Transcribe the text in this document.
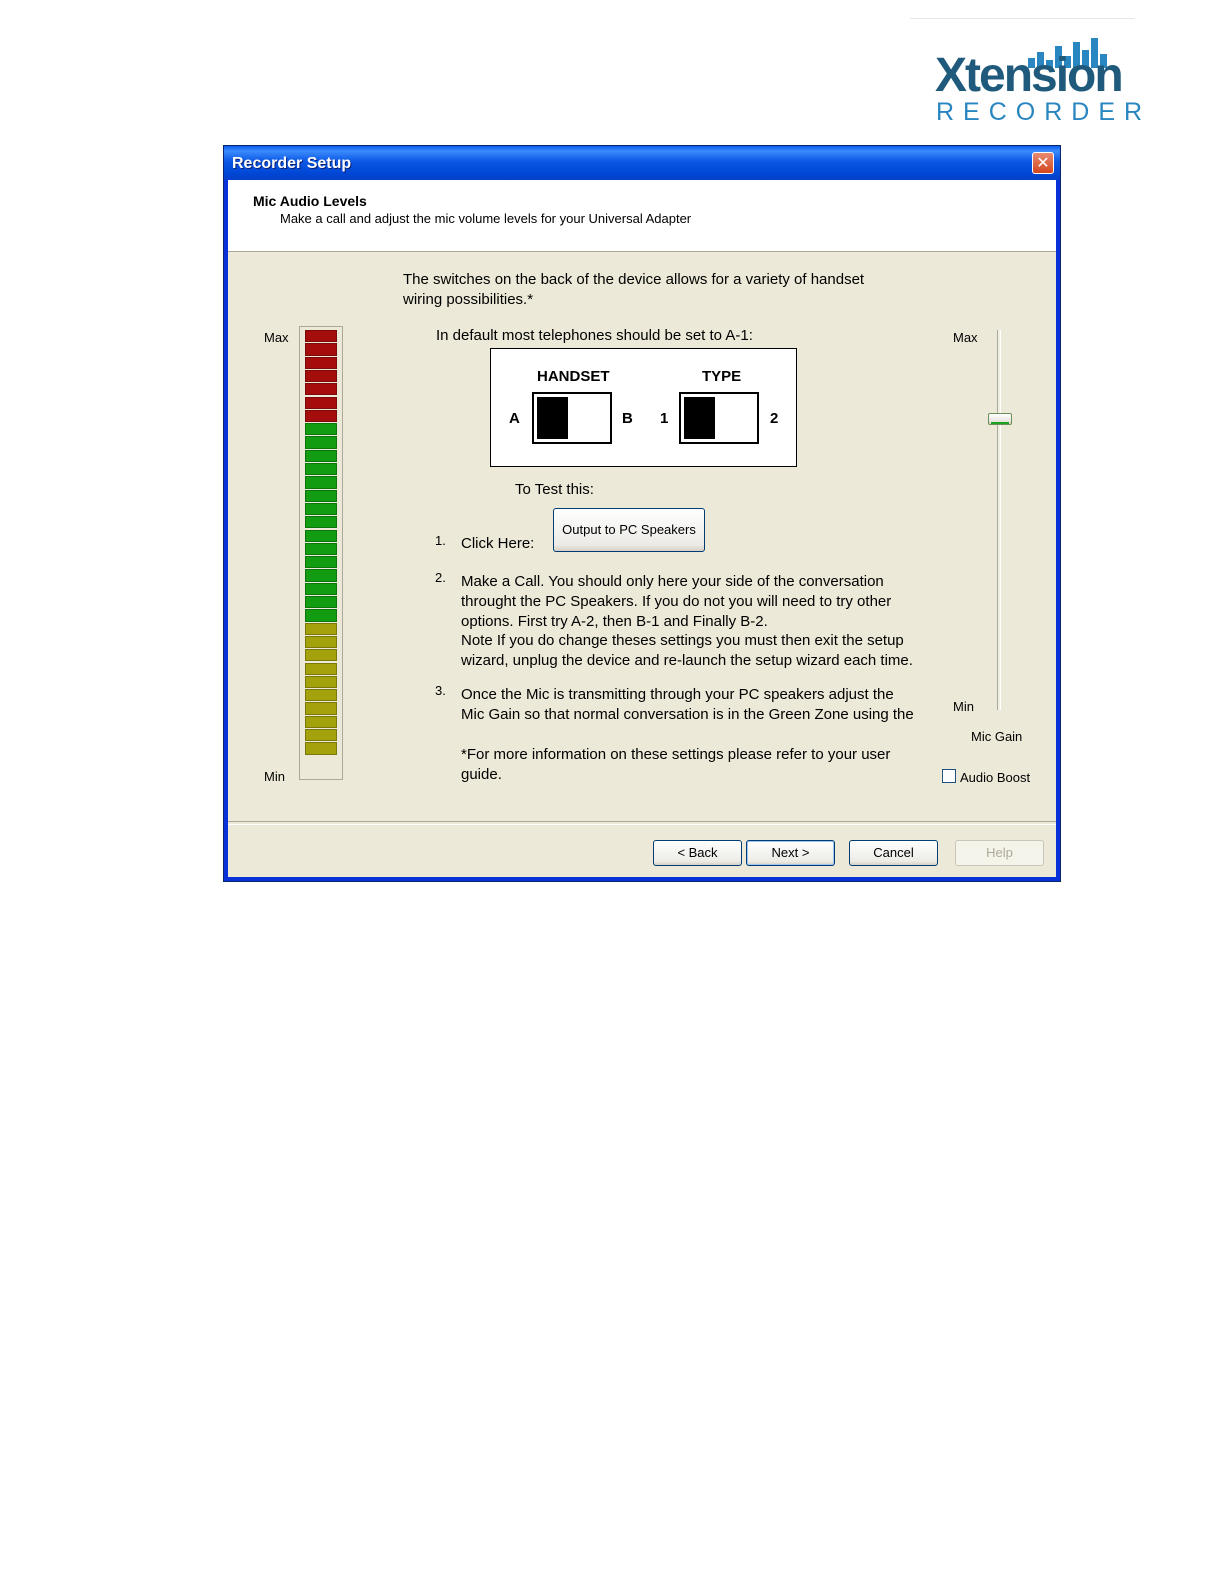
Xtension
RECORDER
Recorder Setup	✕
Mic Audio Levels
Make a call and adjust the mic volume levels for your Universal Adapter
Max
Min
The switches on the back of the device allows for a variety of handset
wiring possibilities.*
In default most telephones should be set to A-1:
HANDSET	TYPE
A	B 1	2
To Test this:
1. Click Here:
Output to PC Speakers
2. Make a Call. You should only here your side of the conversation
throught the PC Speakers. If you do not you will need to try other
options. First try A-2, then B-1 and Finally B-2.
Note If you do change theses settings you must then exit the setup
wizard, unplug the device and re-launch the setup wizard each time.
3. Once the Mic is transmitting through your PC speakers adjust the
Mic Gain so that normal conversation is in the Green Zone using the
*For more information on these settings please refer to your user
guide.
Max
Min
Mic Gain
Audio Boost
< Back	Next >	Cancel	Help
